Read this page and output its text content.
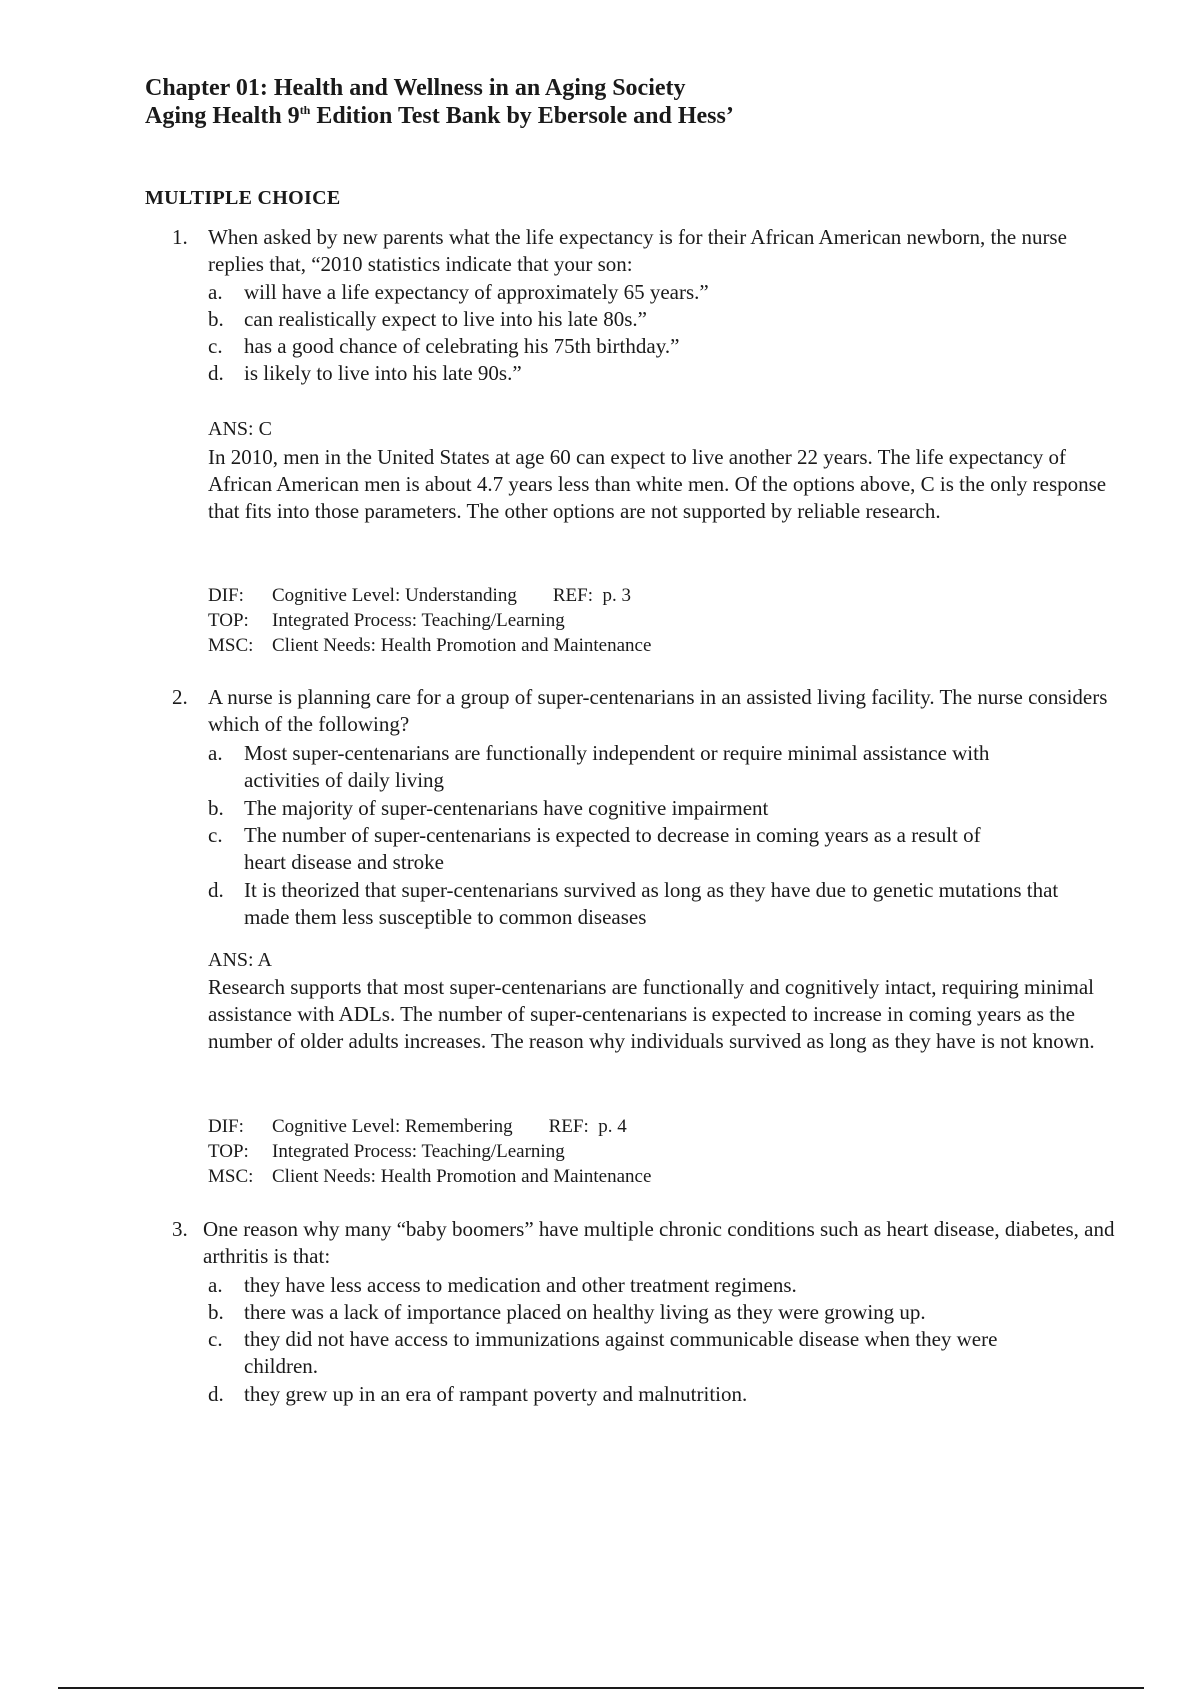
Chapter 01: Health and Wellness in an Aging Society
Aging Health 9th Edition Test Bank by Ebersole and Hess’
MULTIPLE CHOICE
1. When asked by new parents what the life expectancy is for their African American newborn, the nurse replies that, “2010 statistics indicate that your son:
a.	will have a life expectancy of approximately 65 years.”
b. can realistically expect to live into his late 80s.”
c.	has a good chance of celebrating his 75th birthday.”
d. is likely to live into his late 90s.”
ANS: C
In 2010, men in the United States at age 60 can expect to live another 22 years. The life expectancy of African American men is about 4.7 years less than white men. Of the options above, C is the only response that fits into those parameters. The other options are not supported by reliable research.
DIF: Cognitive Level: Understanding REF: p. 3
TOP: Integrated Process: Teaching/Learning
MSC: Client Needs: Health Promotion and Maintenance
2. A nurse is planning care for a group of super-centenarians in an assisted living facility. The nurse considers which of the following?
a.	Most super-centenarians are functionally independent or require minimal assistance with activities of daily living
b. The majority of super-centenarians have cognitive impairment
c.	The number of super-centenarians is expected to decrease in coming years as a result of heart disease and stroke
d. It is theorized that super-centenarians survived as long as they have due to genetic mutations that made them less susceptible to common diseases
ANS: A
Research supports that most super-centenarians are functionally and cognitively intact, requiring minimal assistance with ADLs. The number of super-centenarians is expected to increase in coming years as the number of older adults increases. The reason why individuals survived as long as they have is not known.
DIF: Cognitive Level: Remembering REF: p. 4
TOP: Integrated Process: Teaching/Learning
MSC: Client Needs: Health Promotion and Maintenance
3. One reason why many “baby boomers” have multiple chronic conditions such as heart disease, diabetes, and arthritis is that:
a.	they have less access to medication and other treatment regimens.
b. there was a lack of importance placed on healthy living as they were growing up.
c.	they did not have access to immunizations against communicable disease when they were children.
d. they grew up in an era of rampant poverty and malnutrition.
